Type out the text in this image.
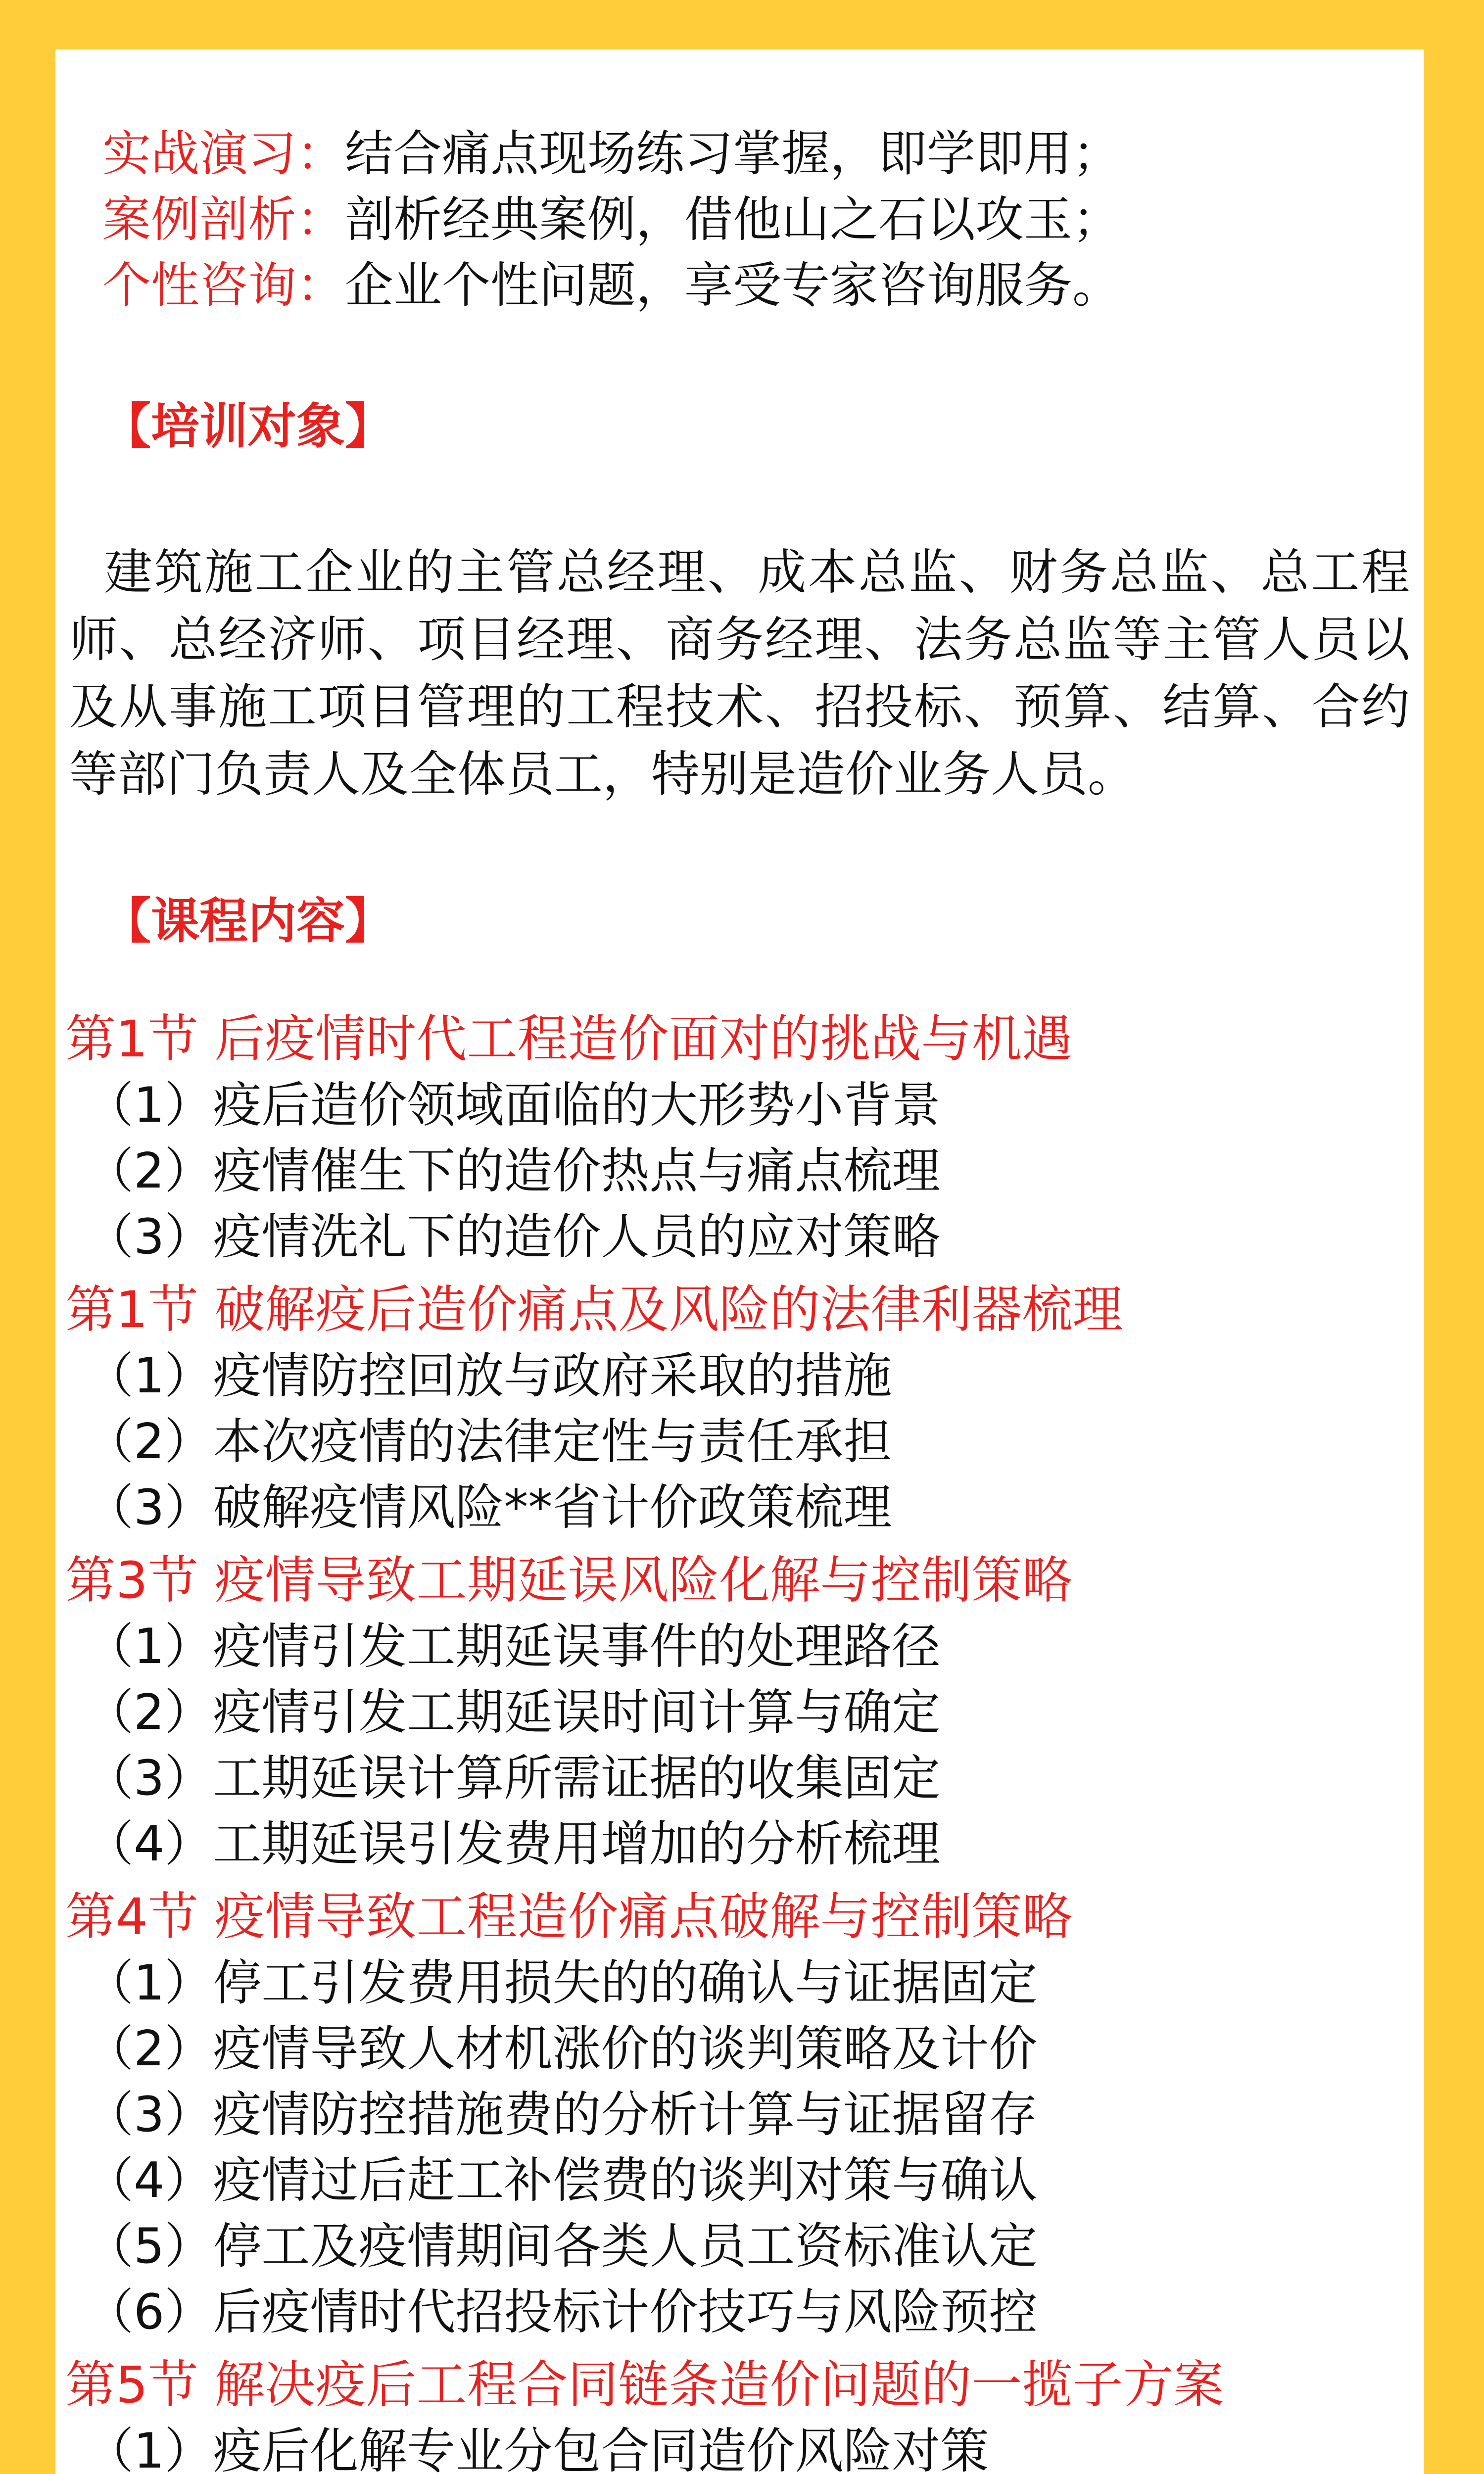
实战演习： 结合痛点现场练习掌握，即学即用；
案例剖析： 剖析经典案例，借他山之石以攻玉；
个性咨询： 企业个性问题，享受专家咨询服务。
【培训对象】
建筑施工企业的主管总经理、成本总监、财务总监、总工程师、总经济师、项目经理、商务经理、法务总监等主管人员以及从事施工项目管理的工程技术、招投标、预算、结算、合约等部门负责人及全体员工，特别是造价业务人员。
【课程内容】
第1节 后疫情时代工程造价面对的挑战与机遇
（1）疫后造价领域面临的大形势小背景
（2）疫情催生下的造价热点与痛点梳理
（3）疫情洗礼下的造价人员的应对策略
第1节 破解疫后造价痛点及风险的法律利器梳理
（1）疫情防控回放与政府采取的措施
（2）本次疫情的法律定性与责任承担
（3）破解疫情风险**省计价政策梳理
第3节 疫情导致工期延误风险化解与控制策略
（1）疫情引发工期延误事件的处理路径
（2）疫情引发工期延误时间计算与确定
（3）工期延误计算所需证据的收集固定
（4）工期延误引发费用增加的分析梳理
第4节 疫情导致工程造价痛点破解与控制策略
（1）停工引发费用损失的的确认与证据固定
（2）疫情导致人材机涨价的谈判策略及计价
（3）疫情防控措施费的分析计算与证据留存
（4）疫情过后赶工补偿费的谈判对策与确认
（5）停工及疫情期间各类人员工资标准认定
（6）后疫情时代招投标计价技巧与风险预控
第5节 解决疫后工程合同链条造价问题的一揽子方案
（1）疫后化解专业分包合同造价风险对策
